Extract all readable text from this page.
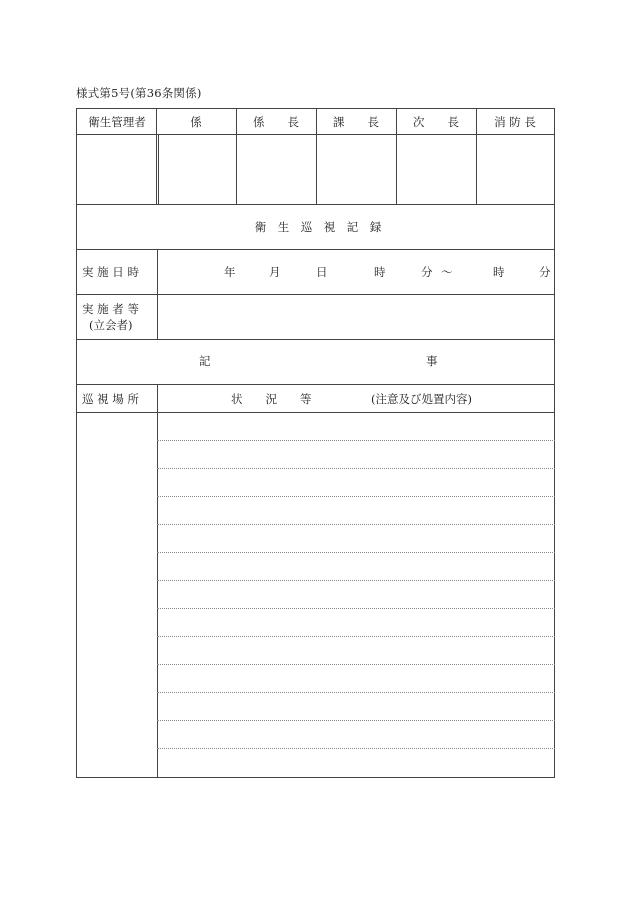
様式第5号(第36条関係)
衛生管理者	係	係　　長	課　　長	次　　長	消 防 長
衛　生　巡　視　記　録
実 施 日 時	年	月	日	時	分 〜	時	分
実 施 者 等
(立会者)
記	事
巡 視 場 所	状　　況　　等	(注意及び処置内容)
